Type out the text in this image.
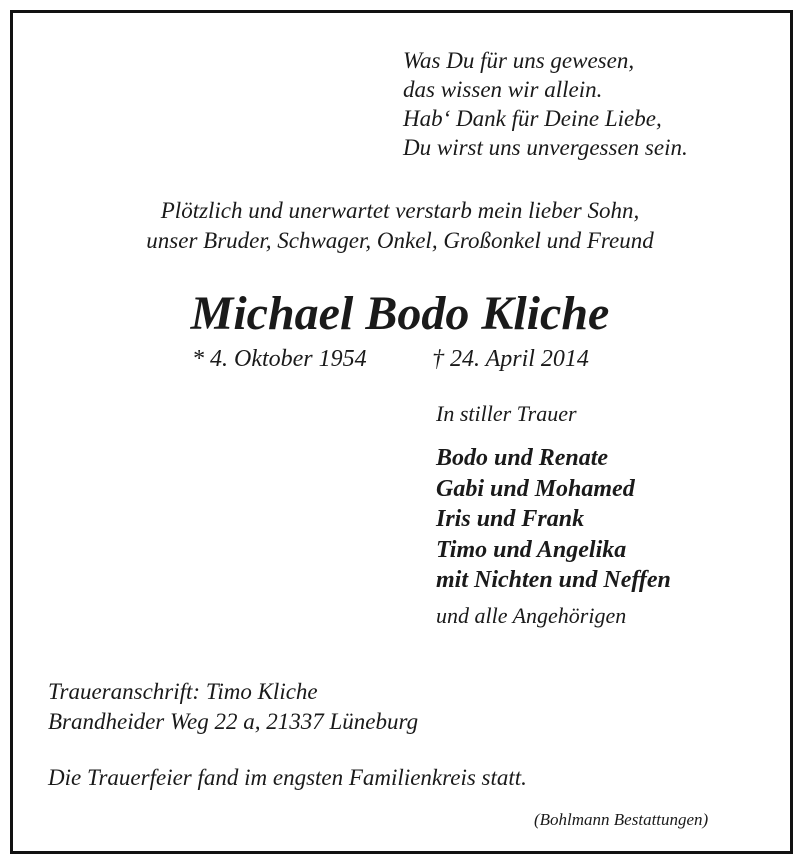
Was Du für uns gewesen,
das wissen wir allein.
Hab‘ Dank für Deine Liebe,
Du wirst uns unvergessen sein.
Plötzlich und unerwartet verstarb mein lieber Sohn,
unser Bruder, Schwager, Onkel, Großonkel und Freund
Michael Bodo Kliche
* 4. Oktober 1954	† 24. April 2014
In stiller Trauer
Bodo und Renate
Gabi und Mohamed
Iris und Frank
Timo und Angelika
mit Nichten und Neffen
und alle Angehörigen
Traueranschrift: Timo Kliche
Brandheider Weg 22 a, 21337 Lüneburg
Die Trauerfeier fand im engsten Familienkreis statt.
(Bohlmann Bestattungen)
